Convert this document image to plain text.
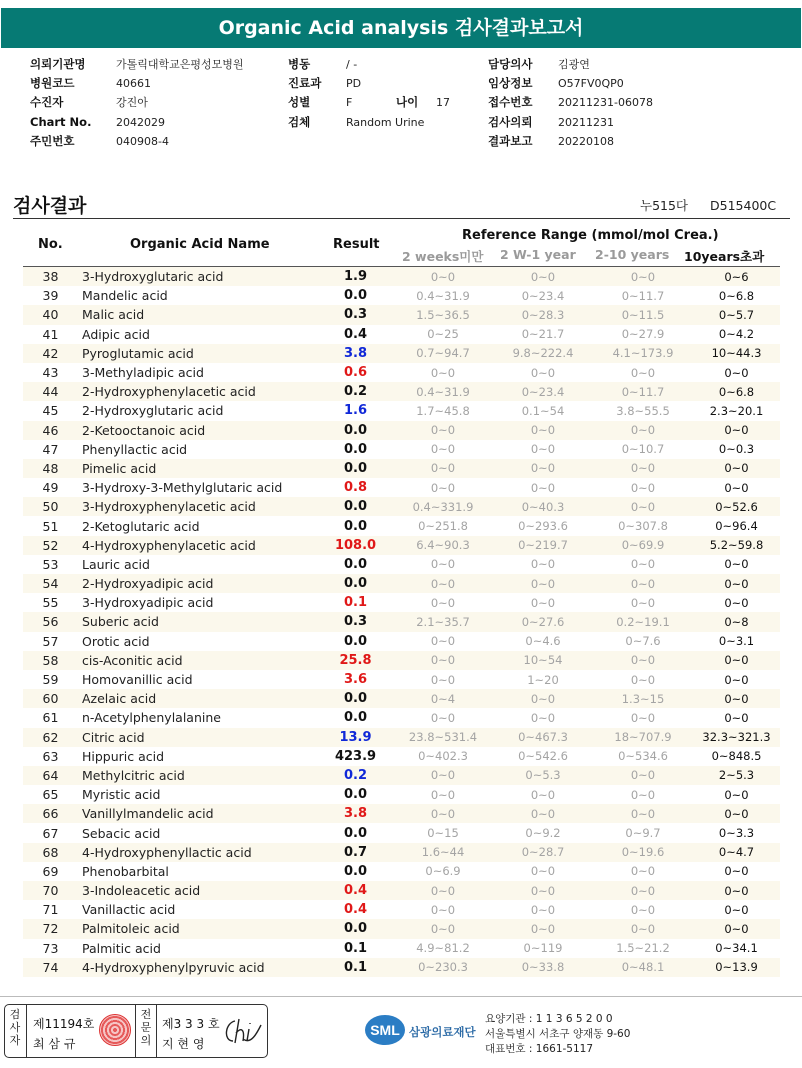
Organic Acid analysis 검사결과보고서
의뢰기관명	가톨릭대학교은평성모병원
병원코드	40661
수진자	강진아
Chart No. 2042029
주민번호	040908-4
병동	/ -
진료과 PD
성별	F	나이 17
검체	Random Urine
담당의사 김광연
임상정보 O57FV0QP0
접수번호 20211231-06078
검사의뢰 20211231
결과보고 20220108
검사결과	누515다 D515400C
No.	Organic Acid Name	Result
Reference Range (mmol/mol Crea.)
2 weeks미만 2 W-1 year 2-10 years 10years초과
38	3-Hydroxyglutaric acid	1.9	0~0	0~0	0~0	0~6
39	Mandelic acid	0.0	0.4~31.9	0~23.4	0~11.7	0~6.8
40	Malic acid	0.3	1.5~36.5	0~28.3	0~11.5	0~5.7
41	Adipic acid	0.4	0~25	0~21.7	0~27.9	0~4.2
42	Pyroglutamic acid	3.8	0.7~94.7	9.8~222.4	4.1~173.9	10~44.3
43	3-Methyladipic acid	0.6	0~0	0~0	0~0	0~0
44	2-Hydroxyphenylacetic acid	0.2	0.4~31.9	0~23.4	0~11.7	0~6.8
45	2-Hydroxyglutaric acid	1.6	1.7~45.8	0.1~54	3.8~55.5	2.3~20.1
46	2-Ketooctanoic acid	0.0	0~0	0~0	0~0	0~0
47	Phenyllactic acid	0.0	0~0	0~0	0~10.7	0~0.3
48	Pimelic acid	0.0	0~0	0~0	0~0	0~0
49	3-Hydroxy-3-Methylglutaric acid	0.8	0~0	0~0	0~0	0~0
50	3-Hydroxyphenylacetic acid	0.0	0.4~331.9	0~40.3	0~0	0~52.6
51	2-Ketoglutaric acid	0.0	0~251.8	0~293.6	0~307.8	0~96.4
52	4-Hydroxyphenylacetic acid	108.0	6.4~90.3	0~219.7	0~69.9	5.2~59.8
53	Lauric acid	0.0	0~0	0~0	0~0	0~0
54	2-Hydroxyadipic acid	0.0	0~0	0~0	0~0	0~0
55	3-Hydroxyadipic acid	0.1	0~0	0~0	0~0	0~0
56	Suberic acid	0.3	2.1~35.7	0~27.6	0.2~19.1	0~8
57	Orotic acid	0.0	0~0	0~4.6	0~7.6	0~3.1
58	cis-Aconitic acid	25.8	0~0	10~54	0~0	0~0
59	Homovanillic acid	3.6	0~0	1~20	0~0	0~0
60	Azelaic acid	0.0	0~4	0~0	1.3~15	0~0
61	n-Acetylphenylalanine	0.0	0~0	0~0	0~0	0~0
62	Citric acid	13.9	23.8~531.4	0~467.3	18~707.9	32.3~321.3
63	Hippuric acid	423.9	0~402.3	0~542.6	0~534.6	0~848.5
64	Methylcitric acid	0.2	0~0	0~5.3	0~0	2~5.3
65	Myristic acid	0.0	0~0	0~0	0~0	0~0
66	Vanillylmandelic acid	3.8	0~0	0~0	0~0	0~0
67	Sebacic acid	0.0	0~15	0~9.2	0~9.7	0~3.3
68	4-Hydroxyphenyllactic acid	0.7	1.6~44	0~28.7	0~19.6	0~4.7
69	Phenobarbital	0.0	0~6.9	0~0	0~0	0~0
70	3-Indoleacetic acid	0.4	0~0	0~0	0~0	0~0
71	Vanillactic acid	0.4	0~0	0~0	0~0	0~0
72	Palmitoleic acid	0.0	0~0	0~0	0~0	0~0
73	Palmitic acid	0.1	4.9~81.2	0~119	1.5~21.2	0~34.1
74	4-Hydroxyphenylpyruvic acid	0.1	0~230.3	0~33.8	0~48.1	0~13.9
검사자
제11194호
최 삼 규
전문의
제3 3 3 호
지 현 영
SML 삼광의료재단
요양기관 : 1 1 3 6 5 2 0 0
서울특별시 서초구 양재동 9-60
대표번호 : 1661-5117
